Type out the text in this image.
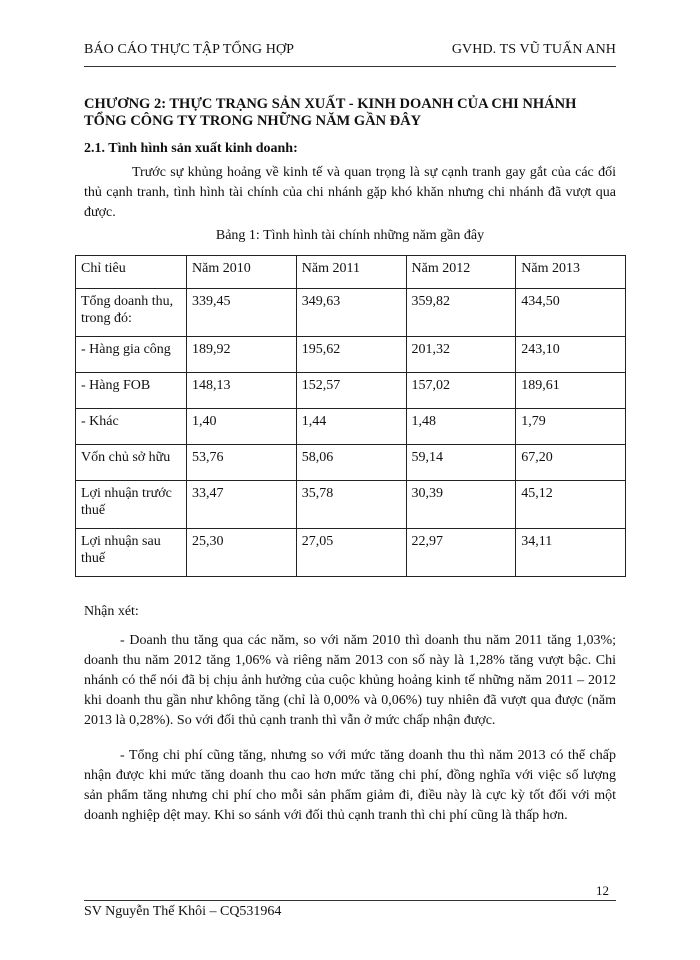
BÁO CÁO THỰC TẬP TỔNG HỢP	GVHD. TS VŨ TUẤN ANH
CHƯƠNG 2: THỰC TRẠNG SẢN XUẤT - KINH DOANH CỦA CHI NHÁNH TỔNG CÔNG TY TRONG NHỮNG NĂM GẦN ĐÂY
2.1. Tình hình sản xuất kinh doanh:

Trước sự khủng hoảng về kinh tế và quan trọng là sự cạnh tranh gay gắt của các đối thủ cạnh tranh, tình hình tài chính của chi nhánh gặp khó khăn nhưng chi nhánh đã vượt qua được.

Bảng 1: Tình hình tài chính những năm gần đây
Chỉ tiêu	Năm 2010	Năm 2011	Năm 2012	Năm 2013
Tổng doanh thu, trong đó:	339,45	349,63	359,82	434,50
- Hàng gia công	189,92	195,62	201,32	243,10
- Hàng FOB	148,13	152,57	157,02	189,61
- Khác	1,40	1,44	1,48	1,79
Vốn chủ sở hữu	53,76	58,06	59,14	67,20
Lợi nhuận trước thuế	33,47	35,78	30,39	45,12
Lợi nhuận sau thuế	25,30	27,05	22,97	34,11
Nhận xét:

- Doanh thu tăng qua các năm, so với năm 2010 thì doanh thu năm 2011 tăng 1,03%; doanh thu năm 2012 tăng 1,06% và riêng năm 2013 con số này là 1,28% tăng vượt bậc. Chi nhánh có thể nói đã bị chịu ảnh hưởng của cuộc khủng hoảng kinh tế những năm 2011 – 2012 khi doanh thu gần như không tăng (chỉ là 0,00% và 0,06%) tuy nhiên đã vượt qua được (năm 2013 là 0,28%). So với đối thủ cạnh tranh thì vẫn ở mức chấp nhận được.

- Tổng chi phí cũng tăng, nhưng so với mức tăng doanh thu thì năm 2013 có thể chấp nhận được khi mức tăng doanh thu cao hơn mức tăng chi phí, đồng nghĩa với việc số lượng sản phẩm tăng nhưng chi phí cho mỗi sản phẩm giảm đi, điều này là cực kỳ tốt đối với một doanh nghiệp dệt may. Khi so sánh với đối thủ cạnh tranh thì chi phí cũng là thấp hơn.

12
SV Nguyễn Thế Khôi – CQ531964
